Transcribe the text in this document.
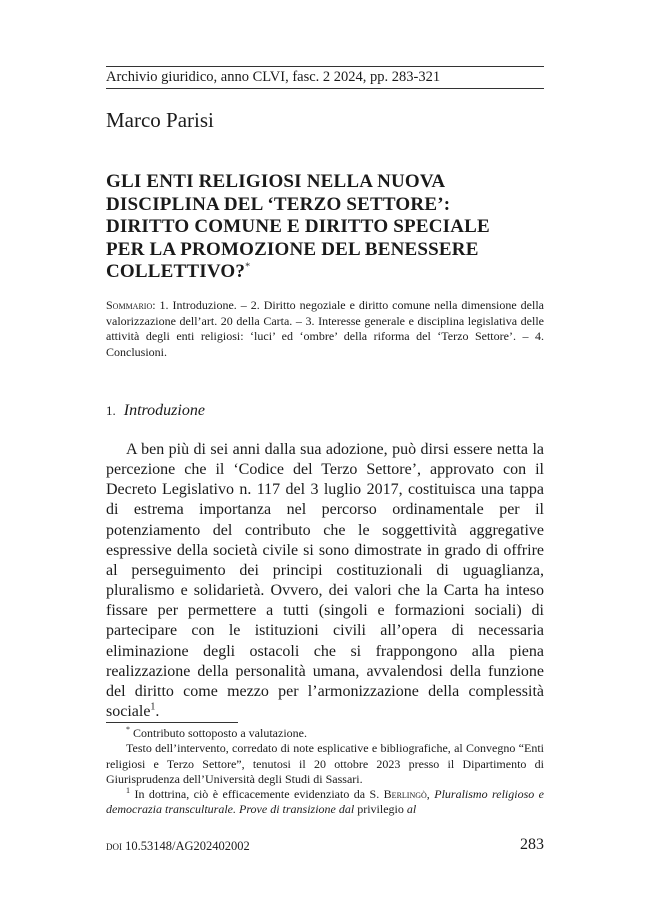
Archivio giuridico, anno CLVI, fasc. 2 2024, pp. 283-321
Marco Parisi
GLI ENTI RELIGIOSI NELLA NUOVA
DISCIPLINA DEL ‘TERZO SETTORE’:
DIRITTO COMUNE E DIRITTO SPECIALE
PER LA PROMOZIONE DEL BENESSERE
COLLETTIVO?*
Sommario: 1. Introduzione. – 2. Diritto negoziale e diritto comune nella dimensione della valorizzazione dell’art. 20 della Carta. – 3. Interesse generale e disciplina legislativa delle attività degli enti religiosi: ‘luci’ ed ‘ombre’ della riforma del ‘Terzo Settore’. – 4. Conclusioni.
1. Introduzione
A ben più di sei anni dalla sua adozione, può dirsi essere netta la percezione che il ‘Codice del Terzo Settore’, approvato con il Decreto Legislativo n. 117 del 3 luglio 2017, costituisca una tappa di estrema importanza nel percorso ordinamentale per il potenziamento del contributo che le soggettività aggregative espressive della società civile si sono dimostrate in grado di offrire al perseguimento dei principi costituzionali di uguaglianza, pluralismo e solidarietà. Ovvero, dei valori che la Carta ha inteso fissare per permettere a tutti (singoli e formazioni sociali) di partecipare con le istituzioni civili all’opera di necessaria eliminazione degli ostacoli che si frappongono alla piena realizzazione della personalità umana, avvalendosi della funzione del diritto come mezzo per l’armonizzazione della complessità sociale$^1$.

* Contributo sottoposto a valutazione.

Testo dell’intervento, corredato di note esplicative e bibliografiche, al Convegno “Enti religiosi e Terzo Settore”, tenutosi il 20 ottobre 2023 presso il Dipartimento di Giurisprudenza dell’Università degli Studi di Sassari.

$^1$ In dottrina, ciò è efficacemente evidenziato da S. Berlingò, Pluralismo religioso e democrazia transculturale. Prove di transizione dal privilegio al

doi 10.53148/AG202402002	283
